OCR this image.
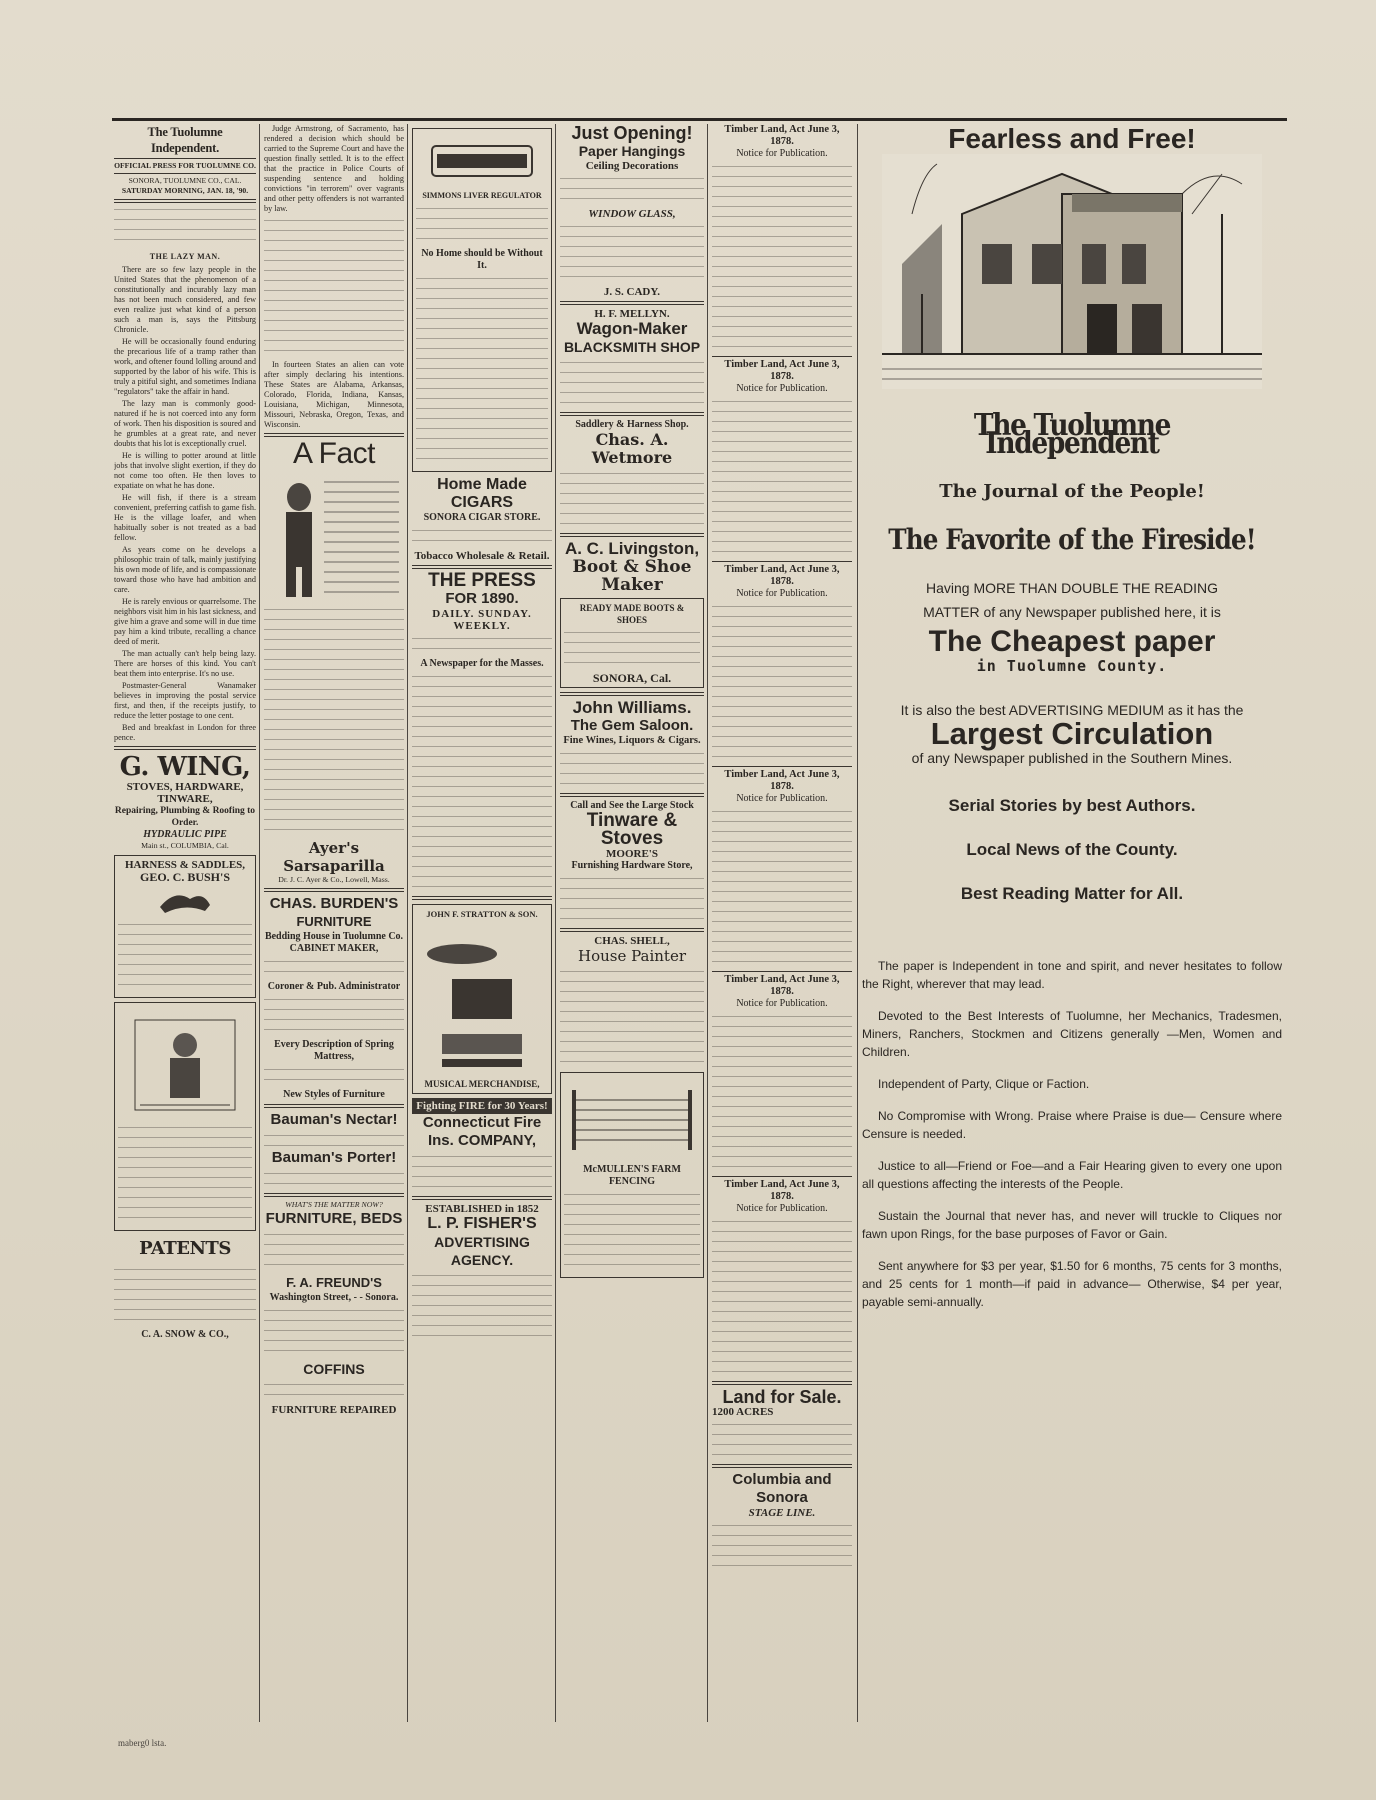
The Tuolumne Independent.
OFFICIAL PRESS FOR TUOLUMNE CO.
SONORA, TUOLUMNE CO., CAL.
SATURDAY MORNING, JAN. 18, '90.
THE LAZY MAN.

There are so few lazy people in the United States that the phenomenon of a constitutionally and incurably lazy man has not been much considered, and few even realize just what kind of a person such a man is, says the Pittsburg Chronicle.

He will be occasionally found enduring the precarious life of a tramp rather than work, and oftener found lolling around and supported by the labor of his wife. This is truly a pitiful sight, and sometimes Indiana "regulators" take the affair in hand.

The lazy man is commonly good-natured if he is not coerced into any form of work. Then his disposition is soured and he grumbles at a great rate, and never doubts that his lot is exceptionally cruel.

He is willing to potter around at little jobs that involve slight exertion, if they do not come too often. He then loves to expatiate on what he has done.

He will fish, if there is a stream convenient, preferring catfish to game fish. He is the village loafer, and when habitually sober is not treated as a bad fellow.

As years come on he develops a philosophic train of talk, mainly justifying his own mode of life, and is compassionate toward those who have had ambition and care.

He is rarely envious or quarrelsome. The neighbors visit him in his last sickness, and give him a grave and some will in due time pay him a kind tribute, recalling a chance deed of merit.

The man actually can't help being lazy. There are horses of this kind. You can't beat them into enterprise. It's no use.

Postmaster-General Wanamaker believes in improving the postal service first, and then, if the receipts justify, to reduce the letter postage to one cent.

Bed and breakfast in London for three pence.

G. WING,
STOVES, HARDWARE, TINWARE,
Repairing, Plumbing & Roofing to Order.
HYDRAULIC PIPE
Main st., COLUMBIA, Cal.
HARNESS & SADDLES,
GEO. C. BUSH'S
PATENTS
C. A. SNOW & CO.,

Judge Armstrong, of Sacramento, has rendered a decision which should be carried to the Supreme Court and have the question finally settled. It is to the effect that the practice in Police Courts of suspending sentence and holding convictions "in terrorem" over vagrants and other petty offenders is not warranted by law.

In fourteen States an alien can vote after simply declaring his intentions. These States are Alabama, Arkansas, Colorado, Florida, Indiana, Kansas, Louisiana, Michigan, Minnesota, Missouri, Nebraska, Oregon, Texas, and Wisconsin.

A Fact
Ayer's Sarsaparilla
Dr. J. C. Ayer & Co., Lowell, Mass.
CHAS. BURDEN'S
FURNITURE
Bedding House in Tuolumne Co.
CABINET MAKER,
Coroner & Pub. Administrator
Every Description of Spring Mattress,
New Styles of Furniture
Bauman's Nectar!
Bauman's Porter!
WHAT'S THE MATTER NOW?
FURNITURE, BEDS
F. A. FREUND'S
Washington Street, - - Sonora.
COFFINS
FURNITURE REPAIRED
SIMMONS LIVER REGULATOR
No Home should be Without It.
Home Made CIGARS
SONORA CIGAR STORE.
Tobacco Wholesale & Retail.
THE PRESS
FOR 1890.
DAILY. SUNDAY. WEEKLY.
A Newspaper for the Masses.
JOHN F. STRATTON & SON.
MUSICAL MERCHANDISE,
Fighting FIRE for 30 Years!
Connecticut Fire Ins. COMPANY,
ESTABLISHED in 1852
L. P. FISHER'S
ADVERTISING AGENCY.
Just Opening!
Paper Hangings
Ceiling Decorations
WINDOW GLASS,
J. S. CADY.
H. F. MELLYN.
Wagon-Maker
BLACKSMITH SHOP
Saddlery & Harness Shop.
Chas. A. Wetmore
A. C. Livingston,
Boot & Shoe Maker
READY MADE BOOTS & SHOES
SONORA, Cal.
John Williams.
The Gem Saloon.
Fine Wines, Liquors & Cigars.
Call and See the Large Stock
Tinware & Stoves
MOORE'S
Furnishing Hardware Store,
CHAS. SHELL,
House Painter
McMULLEN'S FARM FENCING
Timber Land, Act June 3, 1878.
Notice for Publication.
Timber Land, Act June 3, 1878.
Notice for Publication.
Timber Land, Act June 3, 1878.
Notice for Publication.
Timber Land, Act June 3, 1878.
Notice for Publication.
Timber Land, Act June 3, 1878.
Notice for Publication.
Timber Land, Act June 3, 1878.
Notice for Publication.
Land for Sale.
1200 ACRES
Columbia and Sonora
STAGE LINE.
Fearless and Free!
The Tuolumne Independent
The Journal of the People!
The Favorite of the Fireside!
Having MORE THAN DOUBLE THE READING
MATTER of any Newspaper published here, it is
The Cheapest paper
in Tuolumne County.
It is also the best ADVERTISING MEDIUM as it has the
Largest Circulation
of any Newspaper published in the Southern Mines.
Serial Stories by best Authors.
Local News of the County.
Best Reading Matter for All.

The paper is Independent in tone and spirit, and never hesitates to follow the Right, wherever that may lead.

Devoted to the Best Interests of Tuolumne, her Mechanics, Tradesmen, Miners, Ranchers, Stockmen and Citizens generally —Men, Women and Children.

Independent of Party, Clique or Faction.

No Compromise with Wrong. Praise where Praise is due— Censure where Censure is needed.

Justice to all—Friend or Foe—and a Fair Hearing given to every one upon all questions affecting the interests of the People.

Sustain the Journal that never has, and never will truckle to Cliques nor fawn upon Rings, for the base purposes of Favor or Gain.

Sent anywhere for $3 per year, $1.50 for 6 months, 75 cents for 3 months, and 25 cents for 1 month—if paid in advance— Otherwise, $4 per year, payable semi-annually.

maberg0 lsta.
